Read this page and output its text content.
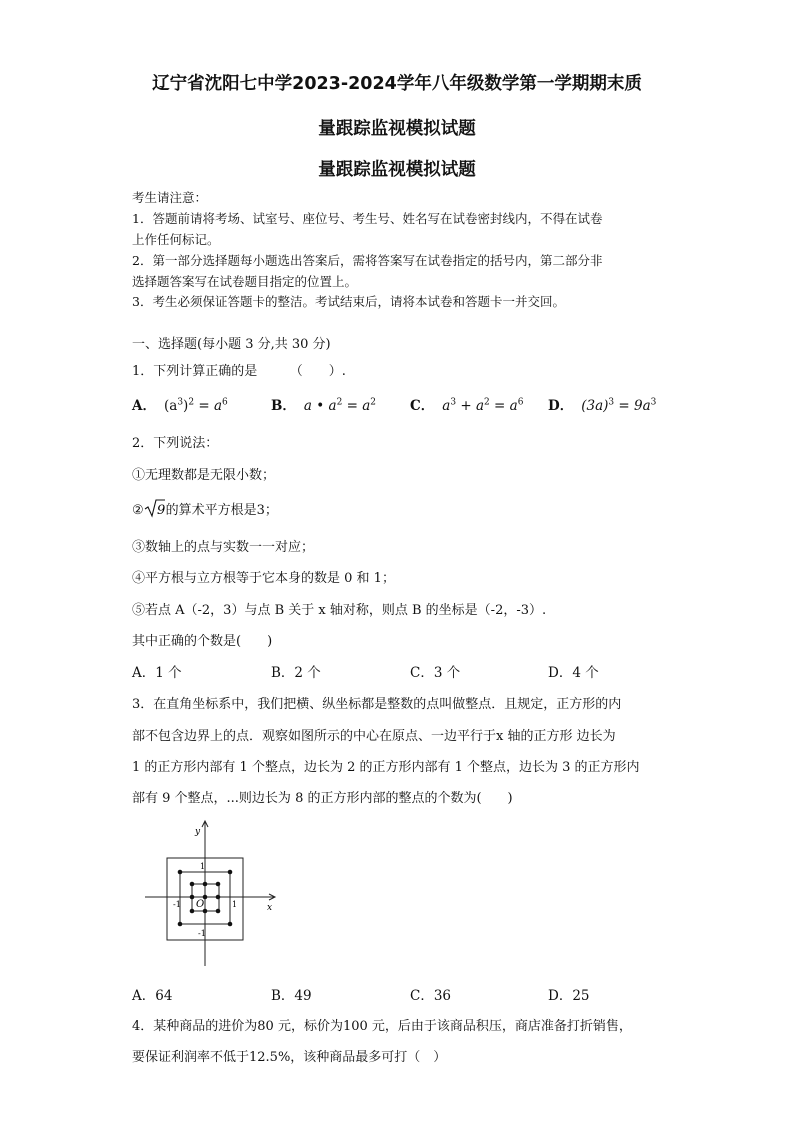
辽宁省沈阳七中学2023-2024学年八年级数学第一学期期末质
量跟踪监视模拟试题
量跟踪监视模拟试题
考生请注意：
1．答题前请将考场、试室号、座位号、考生号、姓名写在试卷密封线内，不得在试卷
上作任何标记。
2．第一部分选择题每小题选出答案后，需将答案写在试卷指定的括号内，第二部分非
选择题答案写在试卷题目指定的位置上。
3．考生必须保证答题卡的整洁。考试结束后，请将本试卷和答题卡一并交回。
一、选择题(每小题 3 分,共 30 分)
1．下列计算正确的是　　　（　　）.
A． $(a^3)^2 = a^6$	B． a • $a^2 = a^2$	C． $a^3 + a^2 = a^6$ D． $(3a)^3 = 9a^3$
2．下列说法：
①无理数都是无限小数；
② 9 的算术平方根是3；
③数轴上的点与实数一一对应；
④平方根与立方根等于它本身的数是 0 和 1；
⑤若点 A（-2，3）与点 B 关于 x 轴对称，则点 B 的坐标是（-2，-3）.
其中正确的个数是(　　)
A．1 个	B．2 个	C．3 个	D．4 个
3．在直角坐标系中，我们把横、纵坐标都是整数的点叫做整点．且规定，正方形的内
部不包含边界上的点．观察如图所示的中心在原点、一边平行于x 轴的正方形 边长为
1 的正方形内部有 1 个整点，边长为 2 的正方形内部有 1 个整点，边长为 3 的正方形内
部有 9 个整点，...则边长为 8 的正方形内部的整点的个数为(　　)
y
x
O
1
-1	1
-1
A．64	B．49	C．36	D．25
4．某种商品的进价为80 元，标价为100 元，后由于该商品积压，商店准备打折销售，
要保证利润率不低于12.5%，该种商品最多可打（　）
